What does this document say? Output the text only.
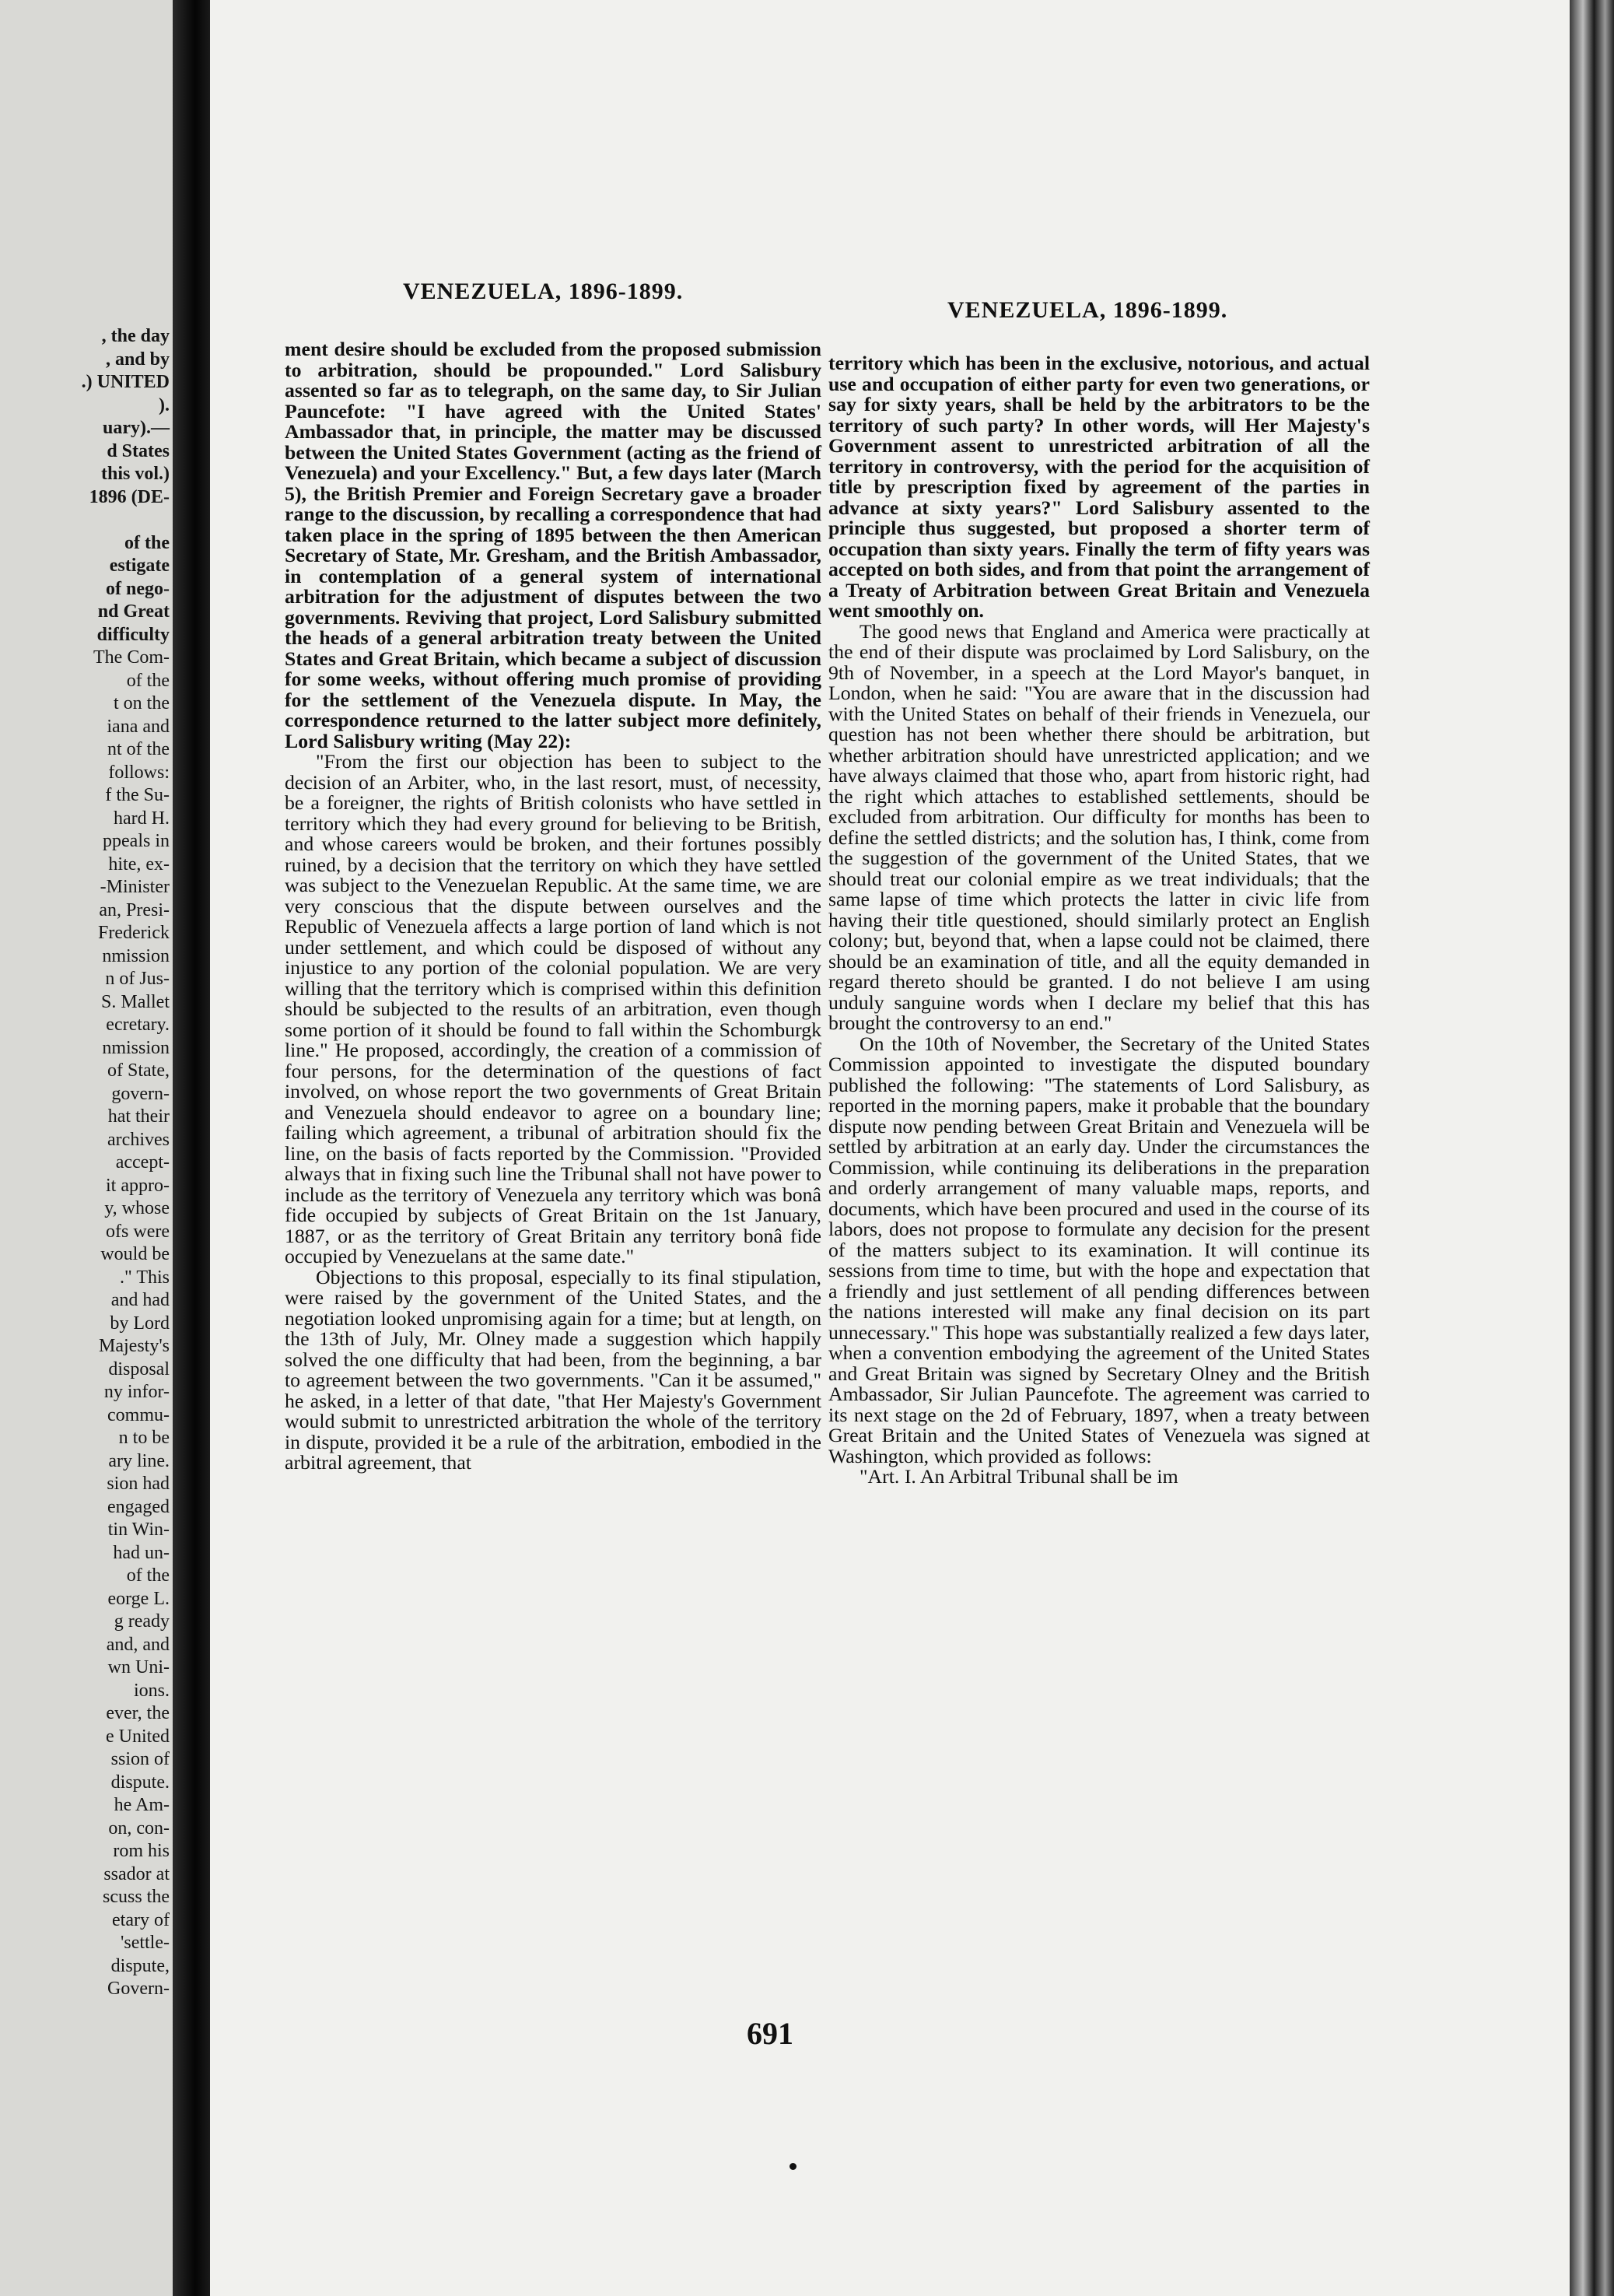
, the day
, and by
.) UNITED
).
uary).—
d States
this vol.)
1896 (DE-
of the
estigate
of nego-
nd Great
difficulty
The Com-
of the
t on the
iana and
nt of the
follows:
f the Su-
hard H.
ppeals in
hite, ex-
-Minister
an, Presi-
Frederick
nmission
n of Jus-
S. Mallet
ecretary.
nmission
of State,
govern-
hat their
archives
accept-
it appro-
y, whose
ofs were
would be
." This
and had
by Lord
Majesty's
disposal
ny infor-
commu-
n to be
ary line.
sion had
engaged
tin Win-
had un-
of the
eorge L.
g ready
and, and
wn Uni-
ions.
ever, the
e United
ssion of
dispute.
he Am-
on, con-
rom his
ssador at
scuss the
etary of
'settle-
dispute,
Govern-
VENEZUELA, 1896-1899.
VENEZUELA, 1896-1899.

ment desire should be excluded from the proposed submission to arbitration, should be propounded." Lord Salisbury assented so far as to telegraph, on the same day, to Sir Julian Pauncefote: "I have agreed with the United States' Ambassador that, in principle, the matter may be discussed between the United States Government (acting as the friend of Venezuela) and your Excellency." But, a few days later (March 5), the British Premier and Foreign Secretary gave a broader range to the discussion, by recalling a correspondence that had taken place in the spring of 1895 between the then American Secretary of State, Mr. Gresham, and the British Ambassador, in contemplation of a general system of international arbitration for the adjustment of disputes between the two governments. Reviving that project, Lord Salisbury submitted the heads of a general arbitration treaty between the United States and Great Britain, which became a subject of discussion for some weeks, without offering much promise of providing for the settlement of the Venezuela dispute. In May, the correspondence returned to the latter subject more definitely, Lord Salisbury writing (May 22):

"From the first our objection has been to subject to the decision of an Arbiter, who, in the last resort, must, of necessity, be a foreigner, the rights of British colonists who have settled in territory which they had every ground for believing to be British, and whose careers would be broken, and their fortunes possibly ruined, by a decision that the territory on which they have settled was subject to the Venezuelan Republic. At the same time, we are very conscious that the dispute between ourselves and the Republic of Venezuela affects a large portion of land which is not under settlement, and which could be disposed of without any injustice to any portion of the colonial population. We are very willing that the territory which is comprised within this definition should be subjected to the results of an arbitration, even though some portion of it should be found to fall within the Schomburgk line." He proposed, accordingly, the creation of a commission of four persons, for the determination of the questions of fact involved, on whose report the two governments of Great Britain and Venezuela should endeavor to agree on a boundary line; failing which agreement, a tribunal of arbitration should fix the line, on the basis of facts reported by the Commission. "Provided always that in fixing such line the Tribunal shall not have power to include as the territory of Venezuela any territory which was bonâ fide occupied by subjects of Great Britain on the 1st January, 1887, or as the territory of Great Britain any territory bonâ fide occupied by Venezuelans at the same date."

Objections to this proposal, especially to its final stipulation, were raised by the government of the United States, and the negotiation looked unpromising again for a time; but at length, on the 13th of July, Mr. Olney made a suggestion which happily solved the one difficulty that had been, from the beginning, a bar to agreement between the two governments. "Can it be assumed," he asked, in a letter of that date, "that Her Majesty's Government would submit to unrestricted arbitration the whole of the territory in dispute, provided it be a rule of the arbitration, embodied in the arbitral agreement, that

territory which has been in the exclusive, notorious, and actual use and occupation of either party for even two generations, or say for sixty years, shall be held by the arbitrators to be the territory of such party? In other words, will Her Majesty's Government assent to unrestricted arbitration of all the territory in controversy, with the period for the acquisition of title by prescription fixed by agreement of the parties in advance at sixty years?" Lord Salisbury assented to the principle thus suggested, but proposed a shorter term of occupation than sixty years. Finally the term of fifty years was accepted on both sides, and from that point the arrangement of a Treaty of Arbitration between Great Britain and Venezuela went smoothly on.

The good news that England and America were practically at the end of their dispute was proclaimed by Lord Salisbury, on the 9th of November, in a speech at the Lord Mayor's banquet, in London, when he said: "You are aware that in the discussion had with the United States on behalf of their friends in Venezuela, our question has not been whether there should be arbitration, but whether arbitration should have unrestricted application; and we have always claimed that those who, apart from historic right, had the right which attaches to established settlements, should be excluded from arbitration. Our difficulty for months has been to define the settled districts; and the solution has, I think, come from the suggestion of the government of the United States, that we should treat our colonial empire as we treat individuals; that the same lapse of time which protects the latter in civic life from having their title questioned, should similarly protect an English colony; but, beyond that, when a lapse could not be claimed, there should be an examination of title, and all the equity demanded in regard thereto should be granted. I do not believe I am using unduly sanguine words when I declare my belief that this has brought the controversy to an end."

On the 10th of November, the Secretary of the United States Commission appointed to investigate the disputed boundary published the following: "The statements of Lord Salisbury, as reported in the morning papers, make it probable that the boundary dispute now pending between Great Britain and Venezuela will be settled by arbitration at an early day. Under the circumstances the Commission, while continuing its deliberations in the preparation and orderly arrangement of many valuable maps, reports, and documents, which have been procured and used in the course of its labors, does not propose to formulate any decision for the present of the matters subject to its examination. It will continue its sessions from time to time, but with the hope and expectation that a friendly and just settlement of all pending differences between the nations interested will make any final decision on its part unnecessary." This hope was substantially realized a few days later, when a convention embodying the agreement of the United States and Great Britain was signed by Secretary Olney and the British Ambassador, Sir Julian Pauncefote. The agreement was carried to its next stage on the 2d of February, 1897, when a treaty between Great Britain and the United States of Venezuela was signed at Washington, which provided as follows:

"Art. I. An Arbitral Tribunal shall be im

691
